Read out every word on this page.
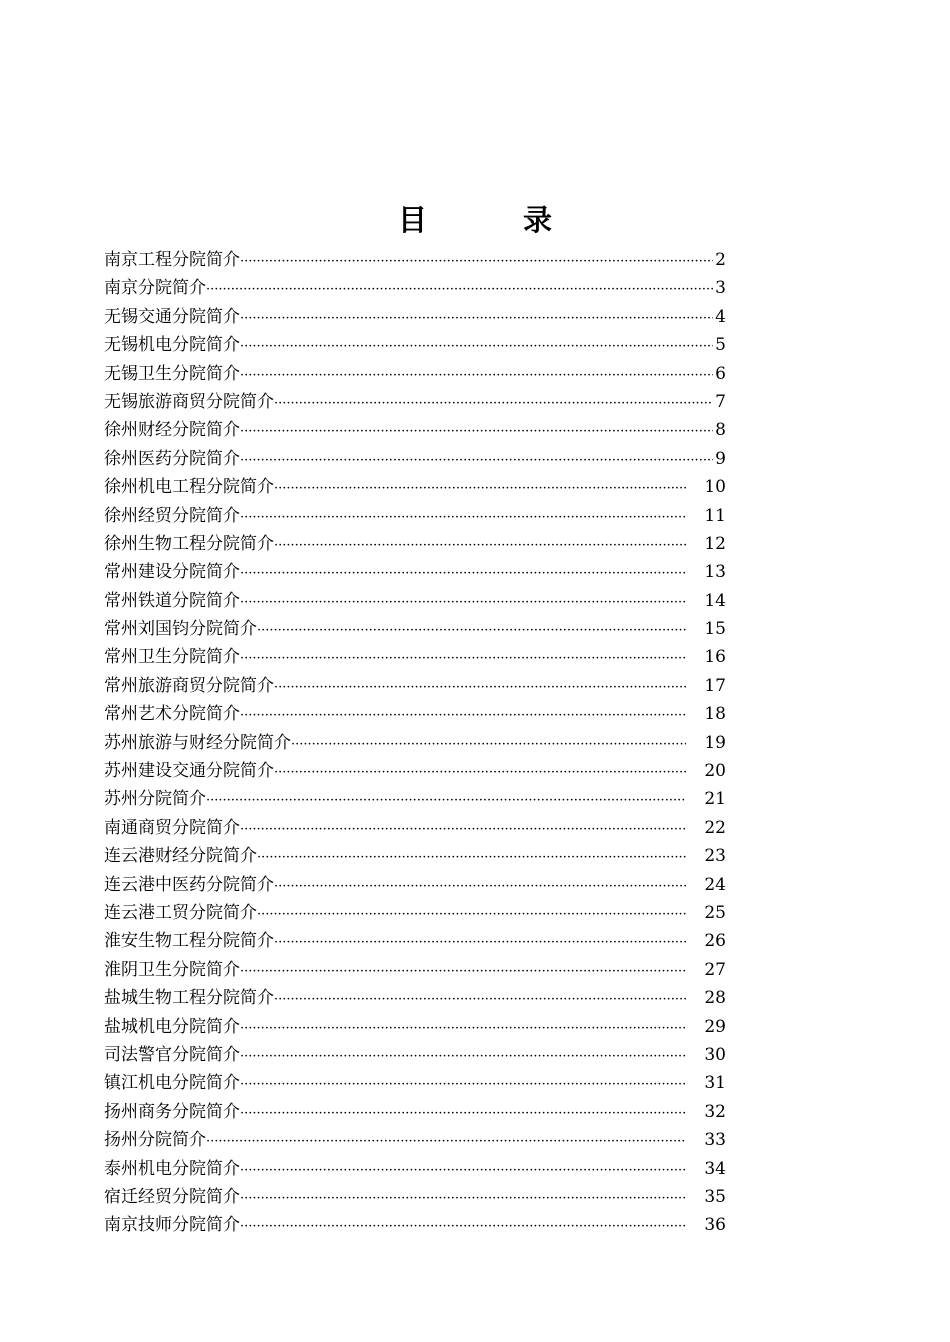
目	录
南京工程分院简介 ·····	2
南京分院简介 ·····	3
无锡交通分院简介 ·····	4
无锡机电分院简介 ·····	5
无锡卫生分院简介 ·····	6
无锡旅游商贸分院简介 ·····	7
徐州财经分院简介 ·····	8
徐州医药分院简介 ·····	9
徐州机电工程分院简介 ·····	10
徐州经贸分院简介 ·····	11
徐州生物工程分院简介 ·····	12
常州建设分院简介 ·····	13
常州铁道分院简介 ·····	14
常州刘国钧分院简介 ·····	15
常州卫生分院简介 ·····	16
常州旅游商贸分院简介 ·····	17
常州艺术分院简介 ·····	18
苏州旅游与财经分院简介 ·····	19
苏州建设交通分院简介 ·····	20
苏州分院简介 ·····	21
南通商贸分院简介 ·····	22
连云港财经分院简介 ·····	23
连云港中医药分院简介 ·····	24
连云港工贸分院简介 ·····	25
淮安生物工程分院简介 ·····	26
淮阴卫生分院简介 ·····	27
盐城生物工程分院简介 ·····	28
盐城机电分院简介 ·····	29
司法警官分院简介 ·····	30
镇江机电分院简介 ·····	31
扬州商务分院简介 ·····	32
扬州分院简介 ·····	33
泰州机电分院简介 ·····	34
宿迁经贸分院简介 ·····	35
南京技师分院简介 ·····	36
